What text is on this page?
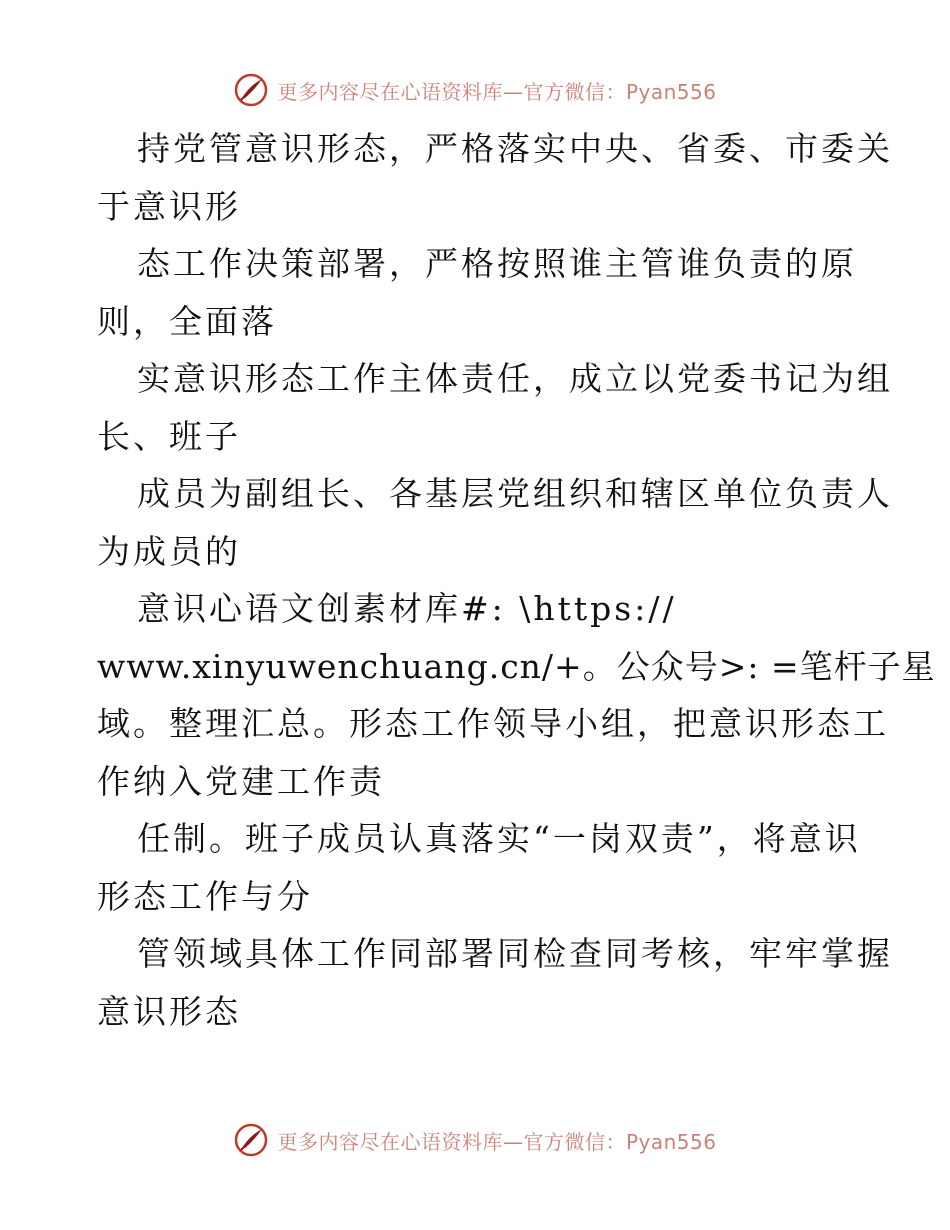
更多内容尽在心语资料库—官方微信：Pyan556
持党管意识形态，严格落实中央、省委、市委关
于意识形
态工作决策部署，严格按照谁主管谁负责的原
则，全面落
实意识形态工作主体责任，成立以党委书记为组
长、班子
成员为副组长、各基层党组织和辖区单位负责人
为成员的
意识心语文创素材库#: \https://
www.xinyuwenchuang.cn/+。公众号>: =笔杆子星
域。整理汇总。形态工作领导小组，把意识形态工
作纳入党建工作责
任制。班子成员认真落实“一岗双责”，将意识
形态工作与分
管领域具体工作同部署同检查同考核，牢牢掌握
意识形态
更多内容尽在心语资料库—官方微信：Pyan556
